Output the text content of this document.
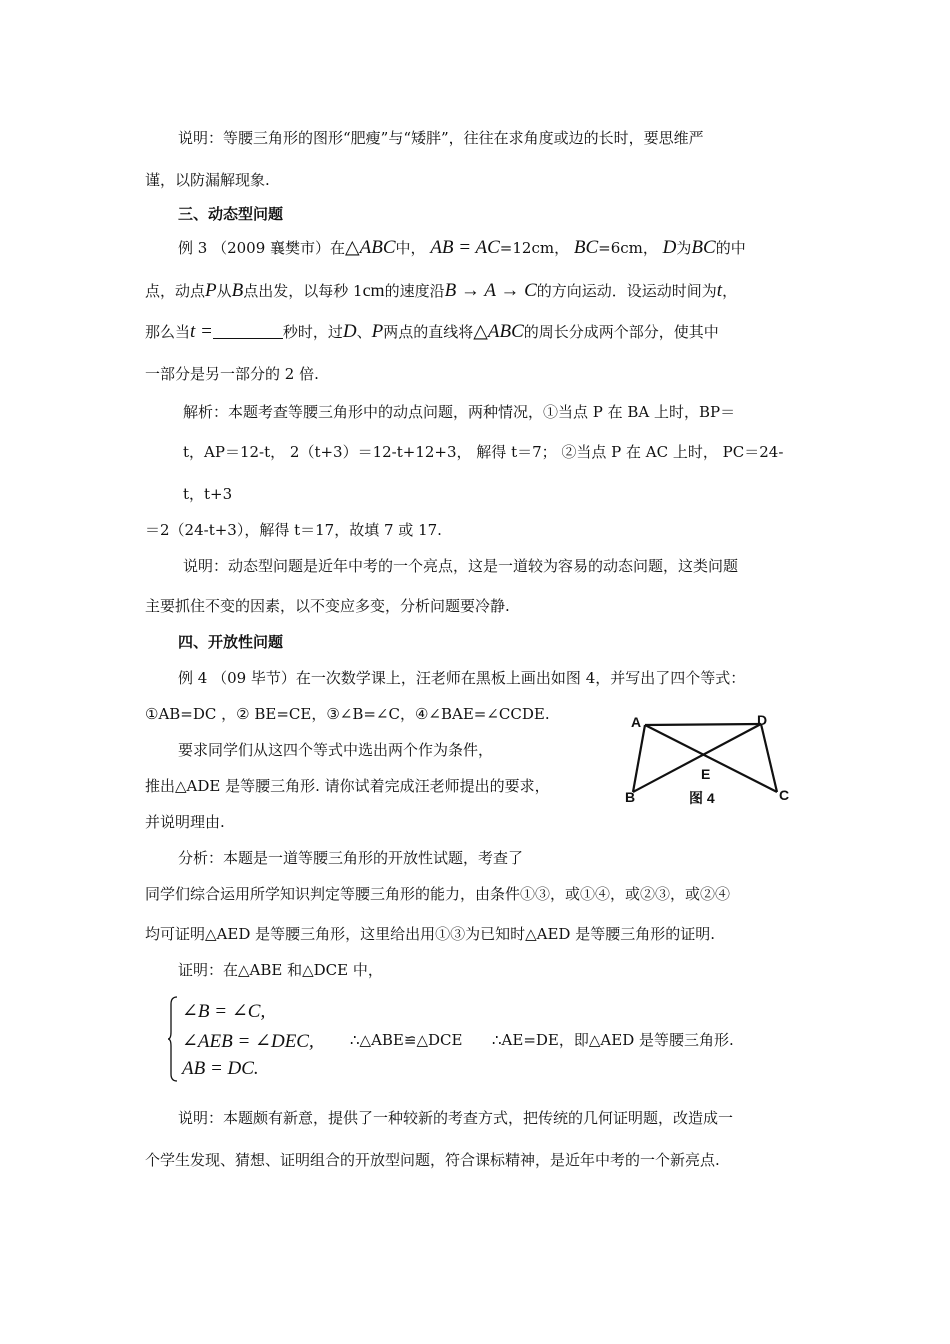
说明：等腰三角形的图形“肥瘦”与“矮胖”，往往在求角度或边的长时，要思维严
谨，以防漏解现象.
三、动态型问题
例 3 （2009 襄樊市）在△ABC中， AB = AC=12cm， BC=6cm， D为BC的中
点，动点P从B点出发，以每秒 1cm的速度沿B → A → C的方向运动．设运动时间为t，
那么当t =	秒时，过D、P两点的直线将△ABC的周长分成两个部分，使其中
一部分是另一部分的 2 倍.
解析：本题考查等腰三角形中的动点问题，两种情况，①当点 P 在 BA 上时，BP＝
t，AP＝12-t， 2（t+3）＝12-t+12+3， 解得 t＝7； ②当点 P 在 AC 上时， PC＝24-
t，t+3
＝2（24-t+3），解得 t＝17，故填 7 或 17.
说明：动态型问题是近年中考的一个亮点，这是一道较为容易的动态问题，这类问题
主要抓住不变的因素，以不变应多变，分析问题要冷静.
四、开放性问题
例 4 （09 毕节）在一次数学课上，汪老师在黑板上画出如图 4，并写出了四个等式：
①AB=DC ，② BE=CE，③∠B=∠C，④∠BAE=∠CCDE.
要求同学们从这四个等式中选出两个作为条件，
推出△ADE 是等腰三角形. 请你试着完成汪老师提出的要求，
并说明理由.
A	D
E
B	C
图 4
分析：本题是一道等腰三角形的开放性试题，考查了
同学们综合运用所学知识判定等腰三角形的能力，由条件①③，或①④，或②③，或②④
均可证明△AED 是等腰三角形，这里给出用①③为已知时△AED 是等腰三角形的证明.
证明：在△ABE 和△DCE 中，
∠B = ∠C,
∠AEB = ∠DEC,
AB = DC.
∴△ABE≌△DCE ∴AE=DE，即△AED 是等腰三角形.
说明：本题颇有新意，提供了一种较新的考查方式，把传统的几何证明题，改造成一
个学生发现、猜想、证明组合的开放型问题，符合课标精神，是近年中考的一个新亮点.
